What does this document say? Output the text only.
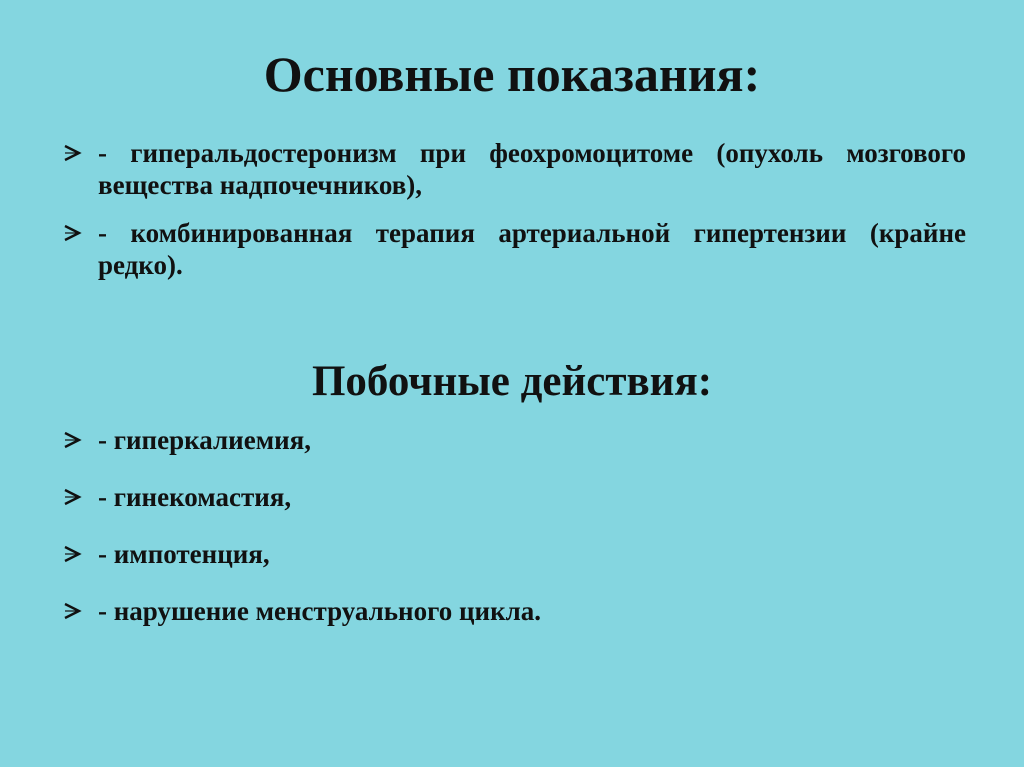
Основные показания:
- гиперальдостеронизм при феохромоцитоме (опухоль мозгового вещества надпочечников),
- комбинированная терапия артериальной гипертензии (крайне редко).
Побочные действия:
- гиперкалиемия,
- гинекомастия,
- импотенция,
- нарушение менструального цикла.
